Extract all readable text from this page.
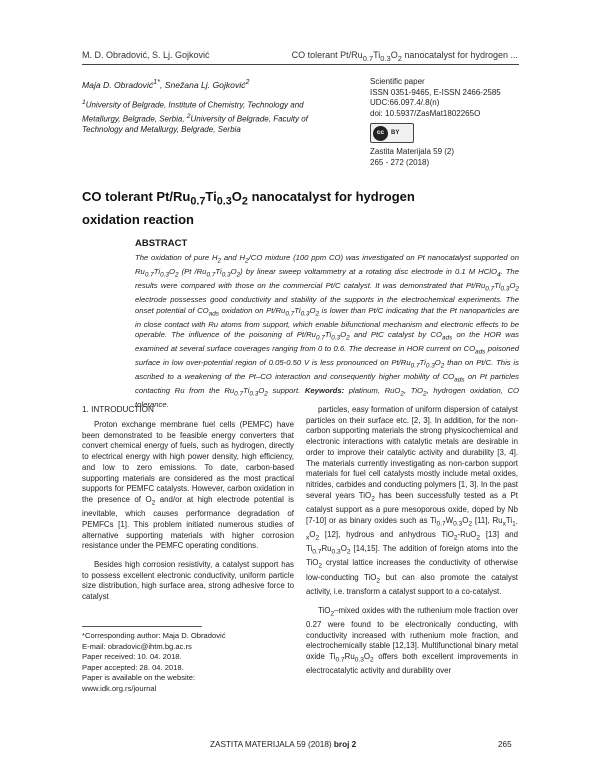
M. D. Obradović, S. Lj. Gojković	CO tolerant $Pt/Ru_{0.7}Ti_{0.3}O_2$ nanocatalyst for hydrogen ...
Maja D. Obradović$^{1*}$, Snežana Lj. Gojković$^2$
$^1$University of Belgrade, Institute of Chemistry, Technology and Metallurgy, Belgrade, Serbia, $^2$University of Belgrade, Faculty of Technology and Metallurgy, Belgrade, Serbia
Scientific paper
ISSN 0351-9465, E-ISSN 2466-2585
UDC:66.097.4/.8(n)
doi: 10.5937/ZasMat1802265O
cc	BY
Zastita Materijala 59 (2)
265 - 272 (2018)
CO tolerant $Pt/Ru_{0.7}Ti_{0.3}O_2$ nanocatalyst for hydrogen oxidation reaction
ABSTRACT
The oxidation of pure $H_2$ and $H_2/CO$ mixture (100 ppm CO) was investigated on Pt nanocatalyst supported on $Ru_{0.7}Ti_{0.3}O_2$ (Pt $/Ru_{0.7}Ti_{0.3}O_2$) by linear sweep voltammetry at a rotating disc electrode in 0.1 M HClO$_4$. The results were compared with those on the commercial Pt/C catalyst. It was demonstrated that $Pt/Ru_{0.7}Ti_{0.3}O_2$ electrode possesses good conductivity and stability of the supports in the electrochemical experiments. The onset potential of $CO_{ads}$ oxidation on $Pt/Ru_{0.7}Ti_{0.3}O_2$ is lower than Pt/C indicating that the Pt nanoparticles are in close contact with Ru atoms from support, which enable bifunctional mechanism and electronic effects to be operable. The influence of the poisoning of $Pt/Ru_{0.7}Ti_{0.3}O_2$ and PtC catalyst by $CO_{ads}$ on the HOR was examined at several surface coverages ranging from 0 to 0.6. The decrease in HOR current on $CO_{ads}$ poisoned surface in low over-potential region of 0.05-0.50 V is less pronounced on $Pt/Ru_{0.7}Ti_{0.3}O_2$ than on Pt/C. This is ascribed to a weakening of the Pt–CO interaction and consequently higher mobility of $CO_{ads}$ on Pt particles contacting Ru from the $Ru_{0.7}Ti_{0.3}O_2$ support. Keywords: platinum, RuO$_2$, TiO$_2$, hydrogen oxidation, CO tolerance.
1. INTRODUCTION

Proton exchange membrane fuel cells (PEMFC) have been demonstrated to be feasible energy converters that convert chemical energy of fuels, such as hydrogen, directly to electrical energy with high power density, high efficiency, and low to zero emissions. To date, carbon-based supporting materials are considered as the most practical supports for PEMFC catalysts. However, carbon oxidation in the presence of $O_2$ and/or at high electrode potential is inevitable, which causes performance degradation of PEMFCs [1]. This problem initiated numerous studies of alternative supporting materials with higher corrosion resistance under the PEMFC operating conditions.

Besides high corrosion resistivity, a catalyst support has to possess excellent electronic conductivity, uniform particle size distribution, high surface area, strong adhesive force to catalyst

particles, easy formation of uniform dispersion of catalyst particles on their surface etc. [2, 3]. In addition, for the non-carbon supporting materials the strong physicochemical and electronic interactions with catalytic metals are desirable in order to improve their catalytic activity and durability [3, 4]. The materials currently investigating as non-carbon support materials for fuel cell catalysts mostly include metal oxides, nitrides, carbides and conducting polymers [1, 3]. In the past several years TiO$_2$ has been successfully tested as a Pt catalyst support as a pure mesoporous oxide, doped by Nb [7-10] or as binary oxides such as $Ti_{0.7}W_{0.3}O_2$ [11], $Ru_xTi_{1-x}O_2$ [12], hydrous and anhydrous TiO$_2$-RuO$_2$ [13] and $Ti_{0.7}Ru_{0.3}O_2$ [14,15]. The addition of foreign atoms into the TiO$_2$ crystal lattice increases the conductivity of otherwise low-conducting TiO$_2$ but can also promote the catalyst activity, i.e. transform a catalyst support to a co-catalyst.

TiO$_2$–mixed oxides with the ruthenium mole fraction over 0.27 were found to be electronically conducting, with conductivity increased with ruthenium mole fraction, and electrochemically stable [12,13]. Multifunctional binary metal oxide $Ti_{0.7}Ru_{0.3}O_2$ offers both excellent improvements in electrocatalytic activity and durability over

*Corresponding author: Maja D. Obradović
E-mail: obradovic@ihtm.bg.ac.rs
Paper received: 10. 04. 2018.
Paper accepted: 28. 04. 2018.
Paper is available on the website:
www.idk.org.rs/journal
ZASTITA MATERIJALA 59 (2018) broj 2	265
